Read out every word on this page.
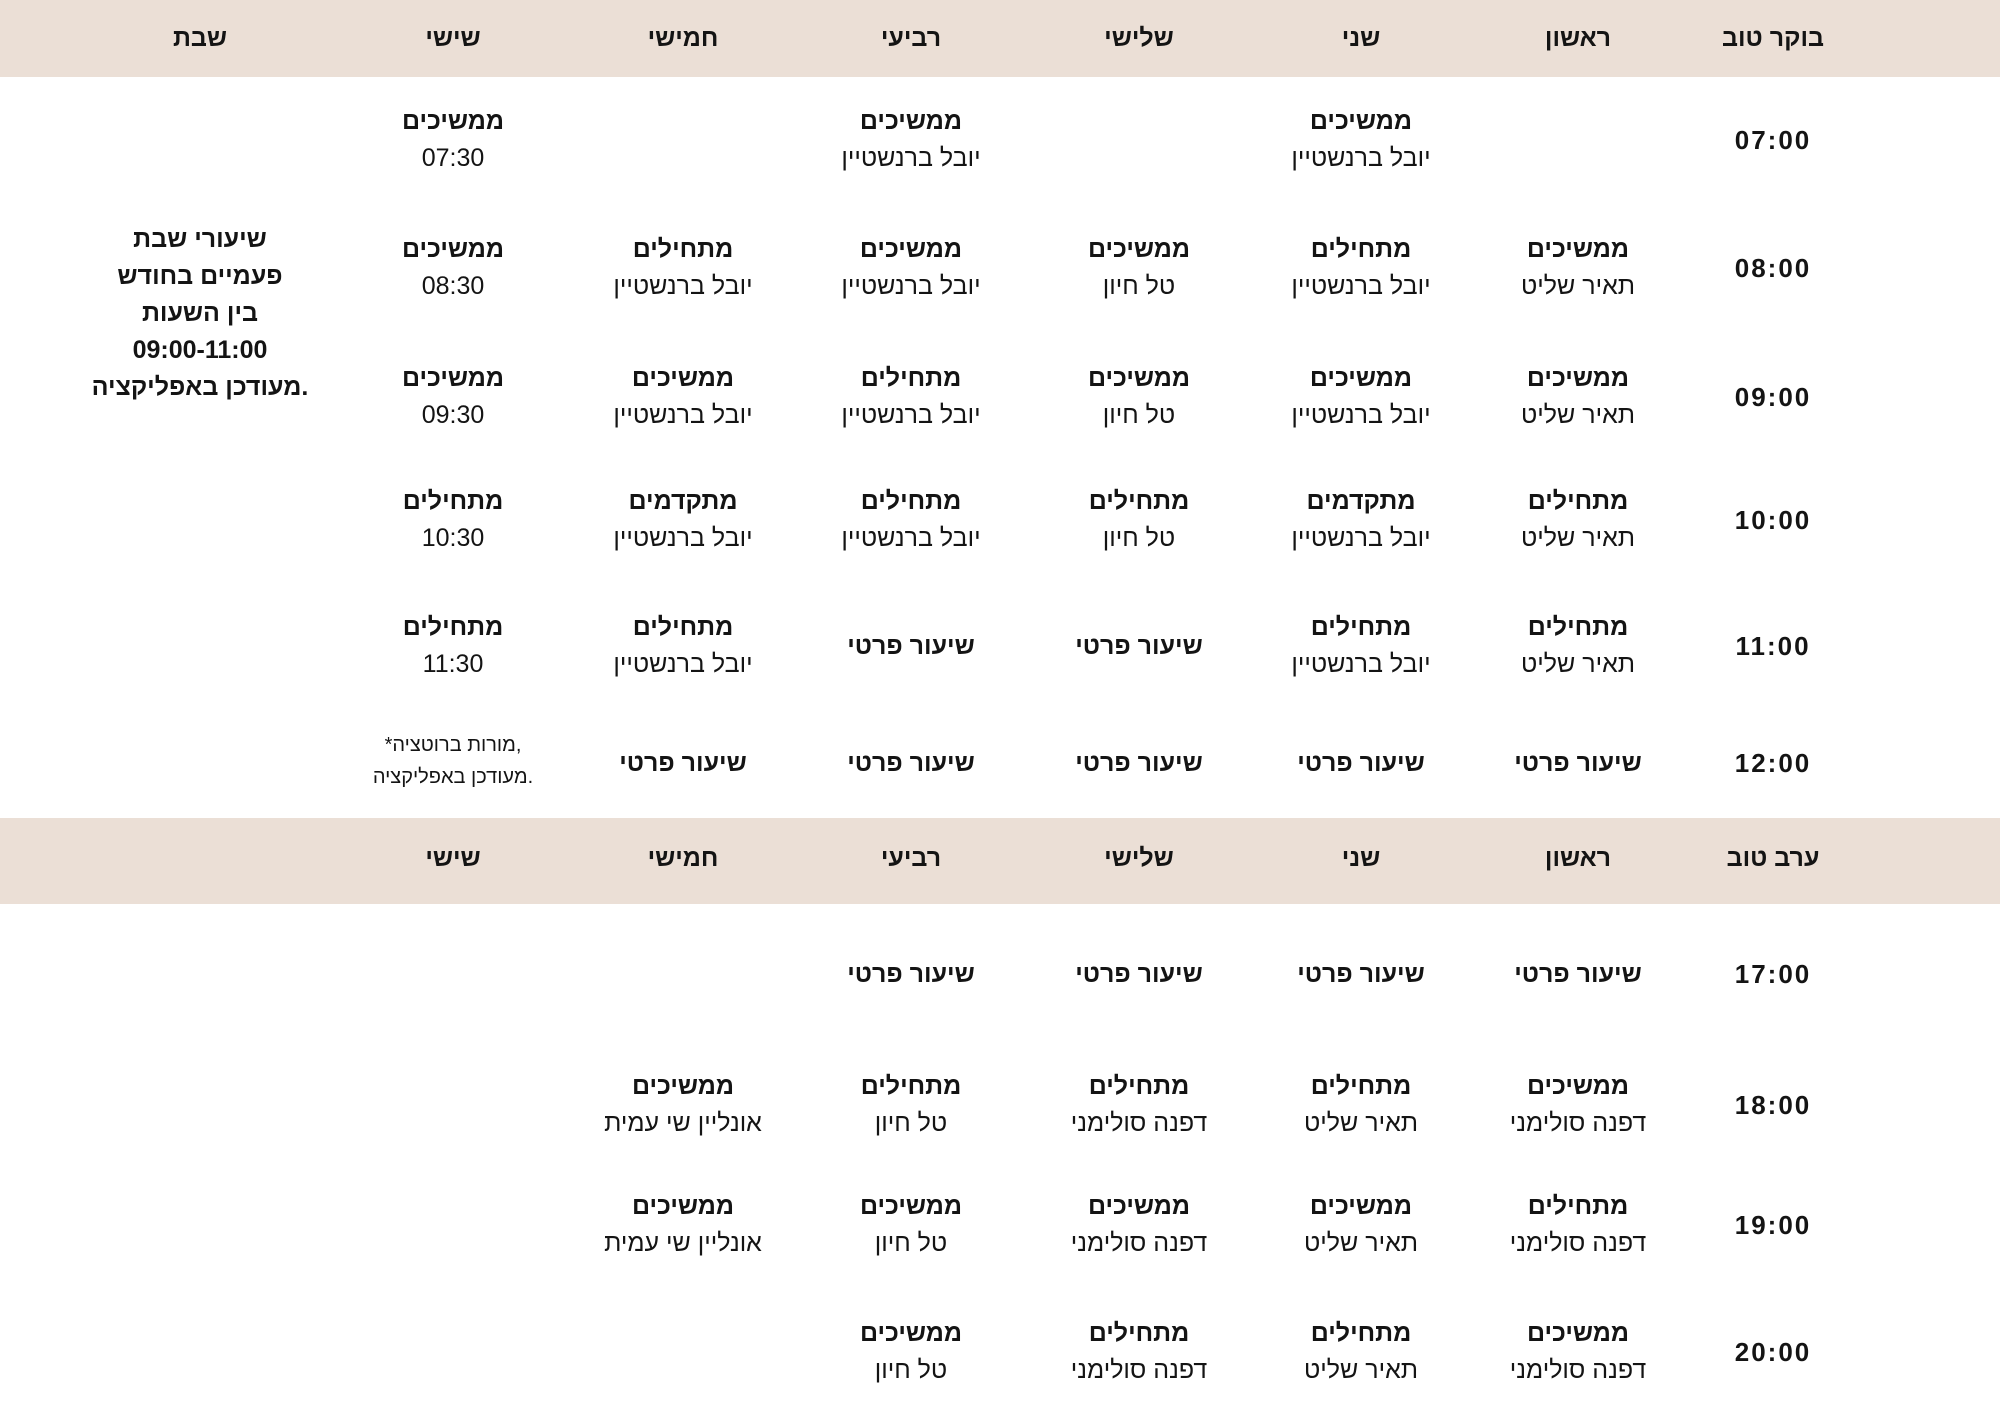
בוקר טוב
ראשון
שני
שלישי
רביעי
חמישי
שישי
שבת
ערב טוב
ראשון
שני
שלישי
רביעי
חמישי
שישי
07:00
ממשיכים
יובל ברנשטיין
ממשיכים
יובל ברנשטיין
ממשיכים
07:30
08:00
ממשיכים
תאיר שליט
מתחילים
יובל ברנשטיין
ממשיכים
טל חיון
ממשיכים
יובל ברנשטיין
מתחילים
יובל ברנשטיין
ממשיכים
08:30
09:00
ממשיכים
תאיר שליט
ממשיכים
יובל ברנשטיין
ממשיכים
טל חיון
מתחילים
יובל ברנשטיין
ממשיכים
יובל ברנשטיין
ממשיכים
09:30
10:00
מתחילים
תאיר שליט
מתקדמים
יובל ברנשטיין
מתחילים
טל חיון
מתחילים
יובל ברנשטיין
מתקדמים
יובל ברנשטיין
מתחילים
10:30
11:00
מתחילים
תאיר שליט
מתחילים
יובל ברנשטיין
שיעור פרטי
שיעור פרטי
מתחילים
יובל ברנשטיין
מתחילים
11:30
12:00
שיעור פרטי
שיעור פרטי
שיעור פרטי
שיעור פרטי
שיעור פרטי
17:00
שיעור פרטי
שיעור פרטי
שיעור פרטי
שיעור פרטי
18:00
ממשיכים
דפנה סולימני
מתחילים
תאיר שליט
מתחילים
דפנה סולימני
מתחילים
טל חיון
ממשיכים
אונליין שי עמית
19:00
מתחילים
דפנה סולימני
ממשיכים
תאיר שליט
ממשיכים
דפנה סולימני
ממשיכים
טל חיון
ממשיכים
אונליין שי עמית
20:00
ממשיכים
דפנה סולימני
מתחילים
תאיר שליט
מתחילים
דפנה סולימני
ממשיכים
טל חיון
שיעורי שבת
פעמיים בחודש
בין השעות
09:00-11:00
מעודכן באפליקציה.
*מורות ברוטציה,
מעודכן באפליקציה.
